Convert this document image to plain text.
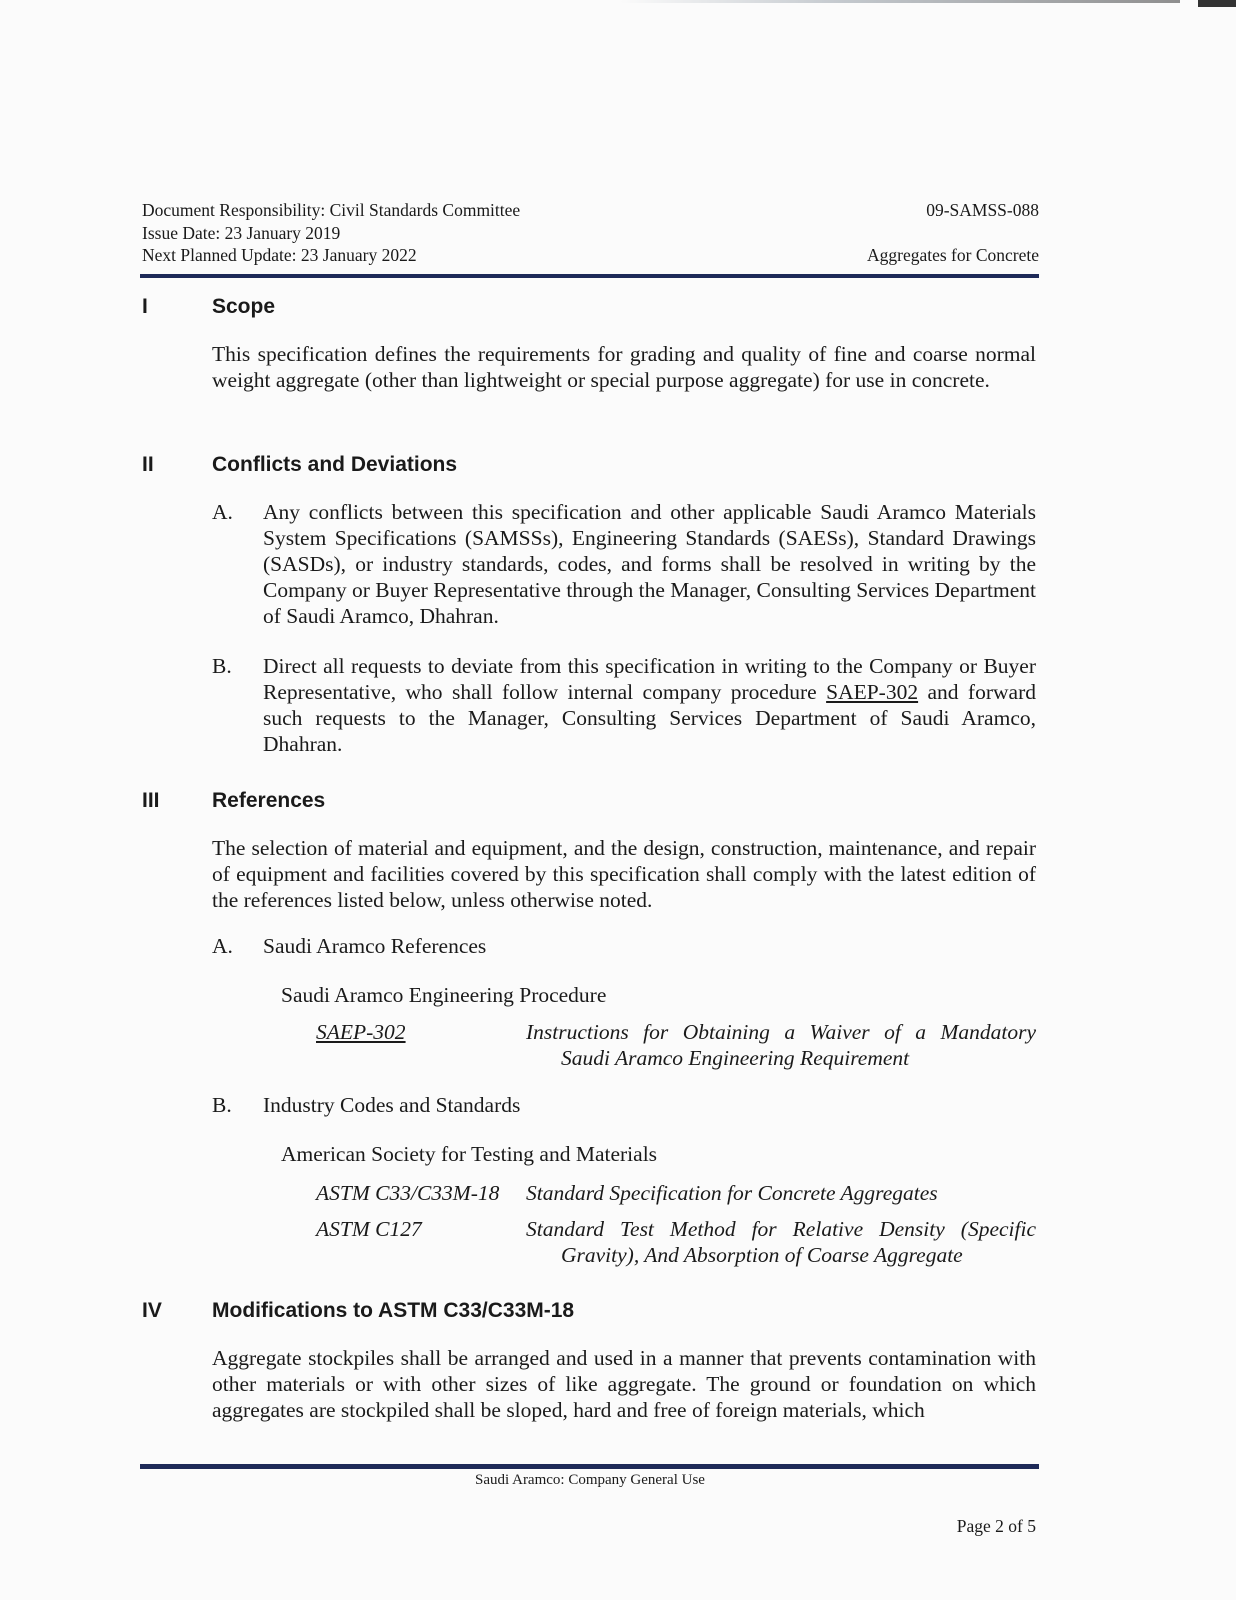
Document Responsibility: Civil Standards Committee
Issue Date: 23 January 2019
Next Planned Update: 23 January 2022
09-SAMSS-088
Aggregates for Concrete
I	Scope
This specification defines the requirements for grading and quality of fine and coarse normal weight aggregate (other than lightweight or special purpose aggregate) for use in concrete.
II	Conflicts and Deviations
A. Any conflicts between this specification and other applicable Saudi Aramco Materials System Specifications (SAMSSs), Engineering Standards (SAESs), Standard Drawings (SASDs), or industry standards, codes, and forms shall be resolved in writing by the Company or Buyer Representative through the Manager, Consulting Services Department of Saudi Aramco, Dhahran.
B. Direct all requests to deviate from this specification in writing to the Company or Buyer Representative, who shall follow internal company procedure SAEP-302 and forward such requests to the Manager, Consulting Services Department of Saudi Aramco, Dhahran.
III References
The selection of material and equipment, and the design, construction, maintenance, and repair of equipment and facilities covered by this specification shall comply with the latest edition of the references listed below, unless otherwise noted.
A. Saudi Aramco References
Saudi Aramco Engineering Procedure
SAEP-302	Instructions for Obtaining a Waiver of a Mandatory
Saudi Aramco Engineering Requirement
B. Industry Codes and Standards
American Society for Testing and Materials
ASTM C33/C33M-18 Standard Specification for Concrete Aggregates
ASTM C127	Standard Test Method for Relative Density (Specific
Gravity), And Absorption of Coarse Aggregate
IV Modifications to ASTM C33/C33M-18
Aggregate stockpiles shall be arranged and used in a manner that prevents contamination with other materials or with other sizes of like aggregate. The ground or foundation on which aggregates are stockpiled shall be sloped, hard and free of foreign materials, which
Saudi Aramco: Company General Use
Page 2 of 5
